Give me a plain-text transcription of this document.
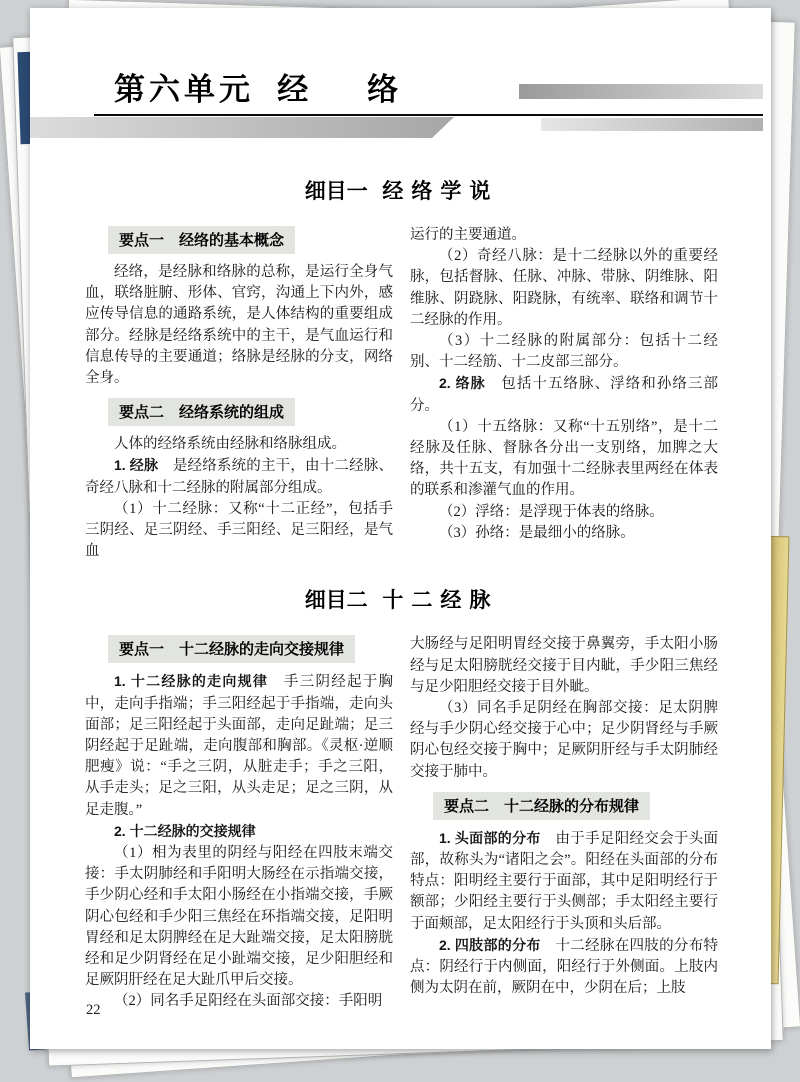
第六单元 经络
细目一 经络学说
要点一　经络的基本概念

经络，是经脉和络脉的总称，是运行全身气血，联络脏腑、形体、官窍，沟通上下内外，感应传导信息的通路系统，是人体结构的重要组成部分。经脉是经络系统中的主干，是气血运行和信息传导的主要通道；络脉是经脉的分支，网络全身。

要点二　经络系统的组成

人体的经络系统由经脉和络脉组成。

1. 经脉　是经络系统的主干，由十二经脉、奇经八脉和十二经脉的附属部分组成。

（1）十二经脉：又称“十二正经”，包括手三阴经、足三阴经、手三阳经、足三阳经，是气血

运行的主要通道。

（2）奇经八脉：是十二经脉以外的重要经脉，包括督脉、任脉、冲脉、带脉、阴维脉、阳维脉、阴跷脉、阳跷脉，有统率、联络和调节十二经脉的作用。

（3）十二经脉的附属部分：包括十二经别、十二经筋、十二皮部三部分。

2. 络脉　包括十五络脉、浮络和孙络三部分。

（1）十五络脉：又称“十五别络”，是十二经脉及任脉、督脉各分出一支别络，加脾之大络，共十五支，有加强十二经脉表里两经在体表的联系和渗灌气血的作用。

（2）浮络：是浮现于体表的络脉。

（3）孙络：是最细小的络脉。

细目二 十二经脉
要点一　十二经脉的走向交接规律

1. 十二经脉的走向规律　手三阴经起于胸中，走向手指端；手三阳经起于手指端，走向头面部；足三阳经起于头面部，走向足趾端；足三阴经起于足趾端，走向腹部和胸部。《灵枢·逆顺肥瘦》说：“手之三阴，从脏走手；手之三阳，从手走头；足之三阳，从头走足；足之三阴，从足走腹。”

2. 十二经脉的交接规律

（1）相为表里的阴经与阳经在四肢末端交接：手太阴肺经和手阳明大肠经在示指端交接，手少阴心经和手太阳小肠经在小指端交接，手厥阴心包经和手少阳三焦经在环指端交接，足阳明胃经和足太阴脾经在足大趾端交接，足太阳膀胱经和足少阴肾经在足小趾端交接，足少阳胆经和足厥阴肝经在足大趾爪甲后交接。

（2）同名手足阳经在头面部交接：手阳明

大肠经与足阳明胃经交接于鼻翼旁，手太阳小肠经与足太阳膀胱经交接于目内眦，手少阳三焦经与足少阳胆经交接于目外眦。

（3）同名手足阴经在胸部交接：足太阴脾经与手少阴心经交接于心中；足少阴肾经与手厥阴心包经交接于胸中；足厥阴肝经与手太阴肺经交接于肺中。

要点二　十二经脉的分布规律

1. 头面部的分布　由于手足阳经交会于头面部，故称头为“诸阳之会”。阳经在头面部的分布特点：阳明经主要行于面部，其中足阳明经行于额部；少阳经主要行于头侧部；手太阳经主要行于面颊部，足太阳经行于头顶和头后部。

2. 四肢部的分布　十二经脉在四肢的分布特点：阴经行于内侧面，阳经行于外侧面。上肢内侧为太阴在前，厥阴在中，少阴在后；上肢

22
